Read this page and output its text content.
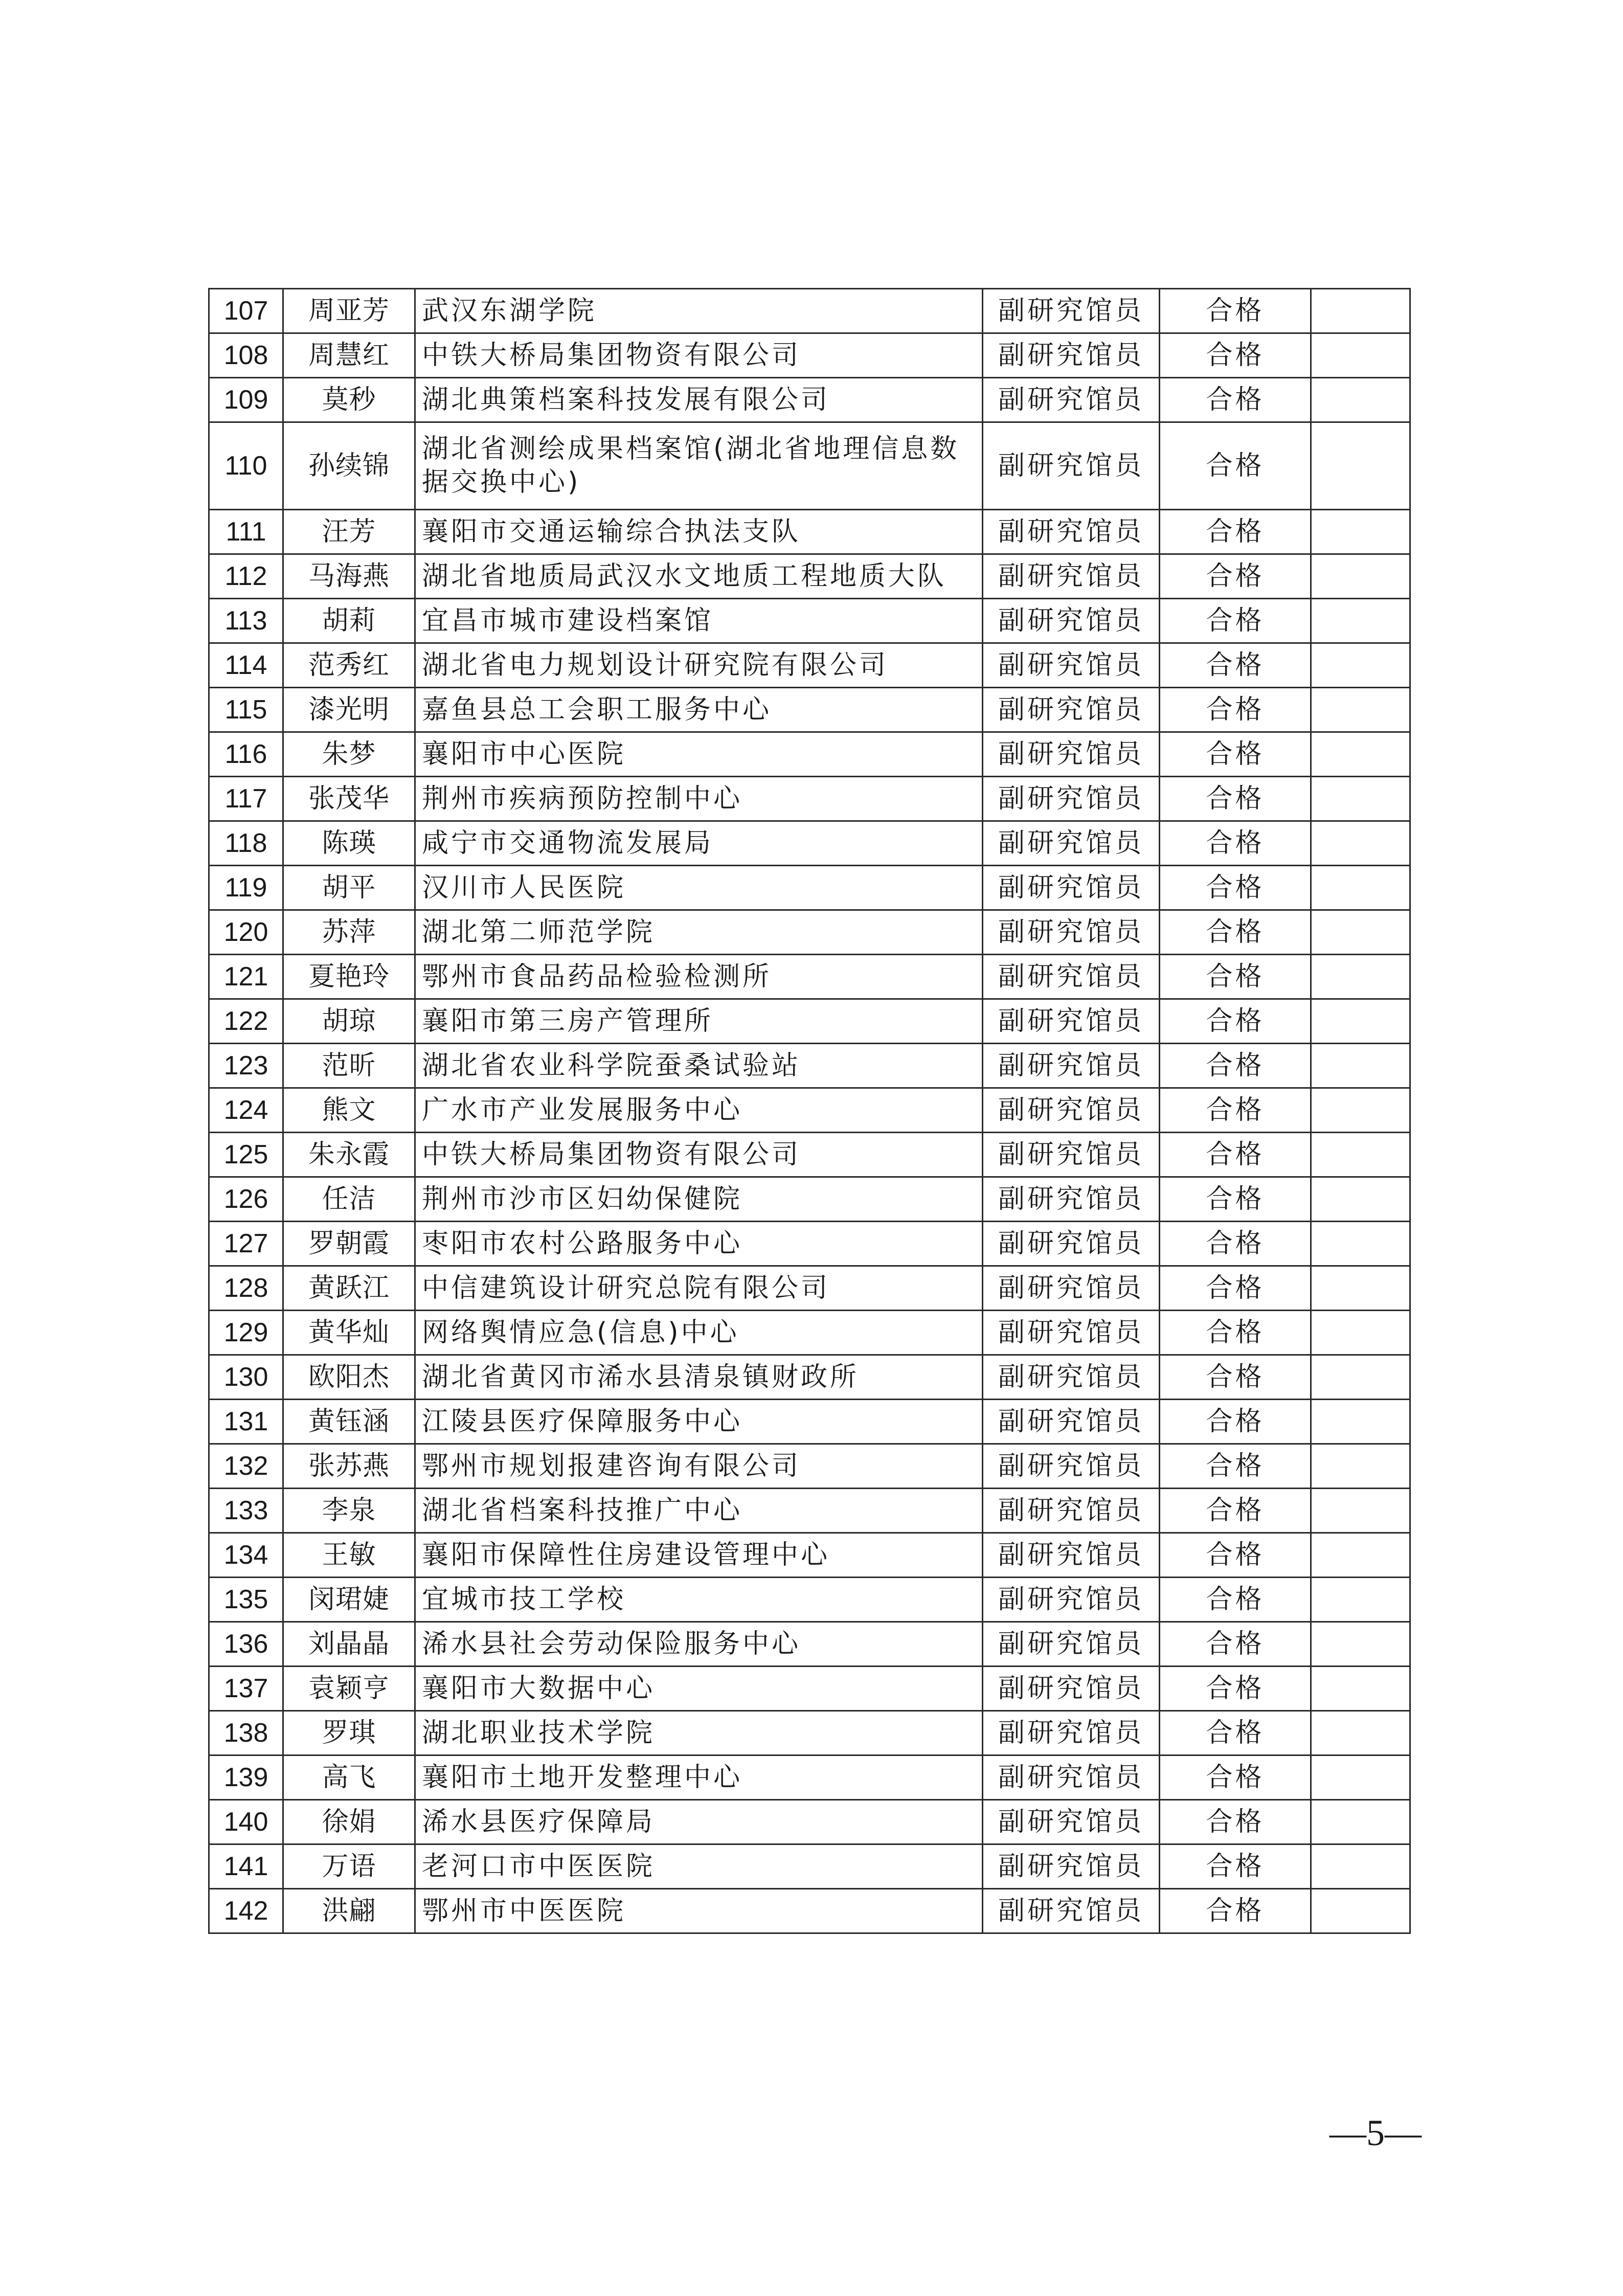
107	周亚芳	武汉东湖学院	副研究馆员	合格	
108	周慧红	中铁大桥局集团物资有限公司	副研究馆员	合格	
109	莫秒	湖北典策档案科技发展有限公司	副研究馆员	合格	
110	孙续锦	湖北省测绘成果档案馆(湖北省地理信息数据交换中心)	副研究馆员	合格	
111	汪芳	襄阳市交通运输综合执法支队	副研究馆员	合格	
112	马海燕	湖北省地质局武汉水文地质工程地质大队	副研究馆员	合格	
113	胡莉	宜昌市城市建设档案馆	副研究馆员	合格	
114	范秀红	湖北省电力规划设计研究院有限公司	副研究馆员	合格	
115	漆光明	嘉鱼县总工会职工服务中心	副研究馆员	合格	
116	朱梦	襄阳市中心医院	副研究馆员	合格	
117	张茂华	荆州市疾病预防控制中心	副研究馆员	合格	
118	陈瑛	咸宁市交通物流发展局	副研究馆员	合格	
119	胡平	汉川市人民医院	副研究馆员	合格	
120	苏萍	湖北第二师范学院	副研究馆员	合格	
121	夏艳玲	鄂州市食品药品检验检测所	副研究馆员	合格	
122	胡琼	襄阳市第三房产管理所	副研究馆员	合格	
123	范昕	湖北省农业科学院蚕桑试验站	副研究馆员	合格	
124	熊文	广水市产业发展服务中心	副研究馆员	合格	
125	朱永霞	中铁大桥局集团物资有限公司	副研究馆员	合格	
126	任洁	荆州市沙市区妇幼保健院	副研究馆员	合格	
127	罗朝霞	枣阳市农村公路服务中心	副研究馆员	合格	
128	黄跃江	中信建筑设计研究总院有限公司	副研究馆员	合格	
129	黄华灿	网络舆情应急(信息)中心	副研究馆员	合格	
130	欧阳杰	湖北省黄冈市浠水县清泉镇财政所	副研究馆员	合格	
131	黄钰涵	江陵县医疗保障服务中心	副研究馆员	合格	
132	张苏燕	鄂州市规划报建咨询有限公司	副研究馆员	合格	
133	李泉	湖北省档案科技推广中心	副研究馆员	合格	
134	王敏	襄阳市保障性住房建设管理中心	副研究馆员	合格	
135	闵珺婕	宜城市技工学校	副研究馆员	合格	
136	刘晶晶	浠水县社会劳动保险服务中心	副研究馆员	合格	
137	袁颖亨	襄阳市大数据中心	副研究馆员	合格	
138	罗琪	湖北职业技术学院	副研究馆员	合格	
139	高飞	襄阳市土地开发整理中心	副研究馆员	合格	
140	徐娟	浠水县医疗保障局	副研究馆员	合格	
141	万语	老河口市中医医院	副研究馆员	合格	
142	洪翩	鄂州市中医医院	副研究馆员	合格	
—5—
